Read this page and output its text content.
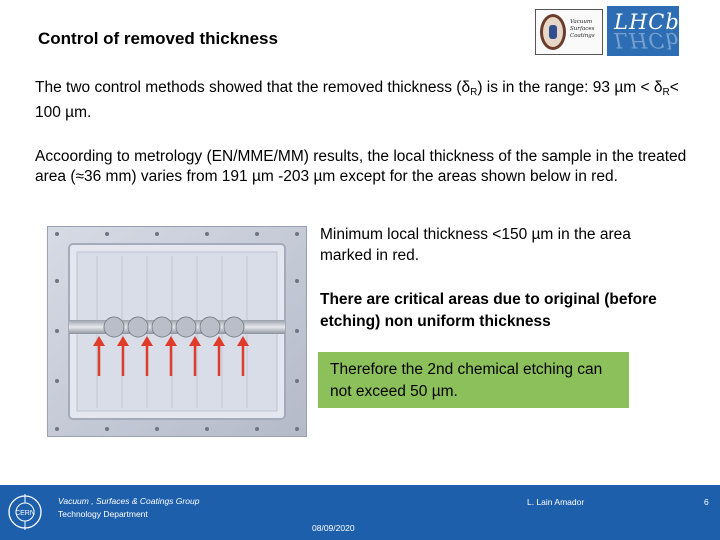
Control of removed thickness
Vacuum
Surfaces
Coatings
LHCb
LHCb
The two control methods showed that the removed thickness $(\delta_R)$ is in the range: 93 $\mu m < \delta_R< 100$ µm.
Accoording to metrology (EN/MME/MM) results, the local thickness of the sample in the treated area (≈36 mm) varies from 191 µm -203 µm except for the areas shown below in red.
Minimum local thickness <150 µm in the area marked in red.
There are critical areas due to original (before etching) non uniform thickness
Therefore the 2nd chemical etching can not exceed 50 µm.
CERN
Vacuum , Surfaces & Coatings Group
Technology Department
08/09/2020
L. Lain Amador	6
